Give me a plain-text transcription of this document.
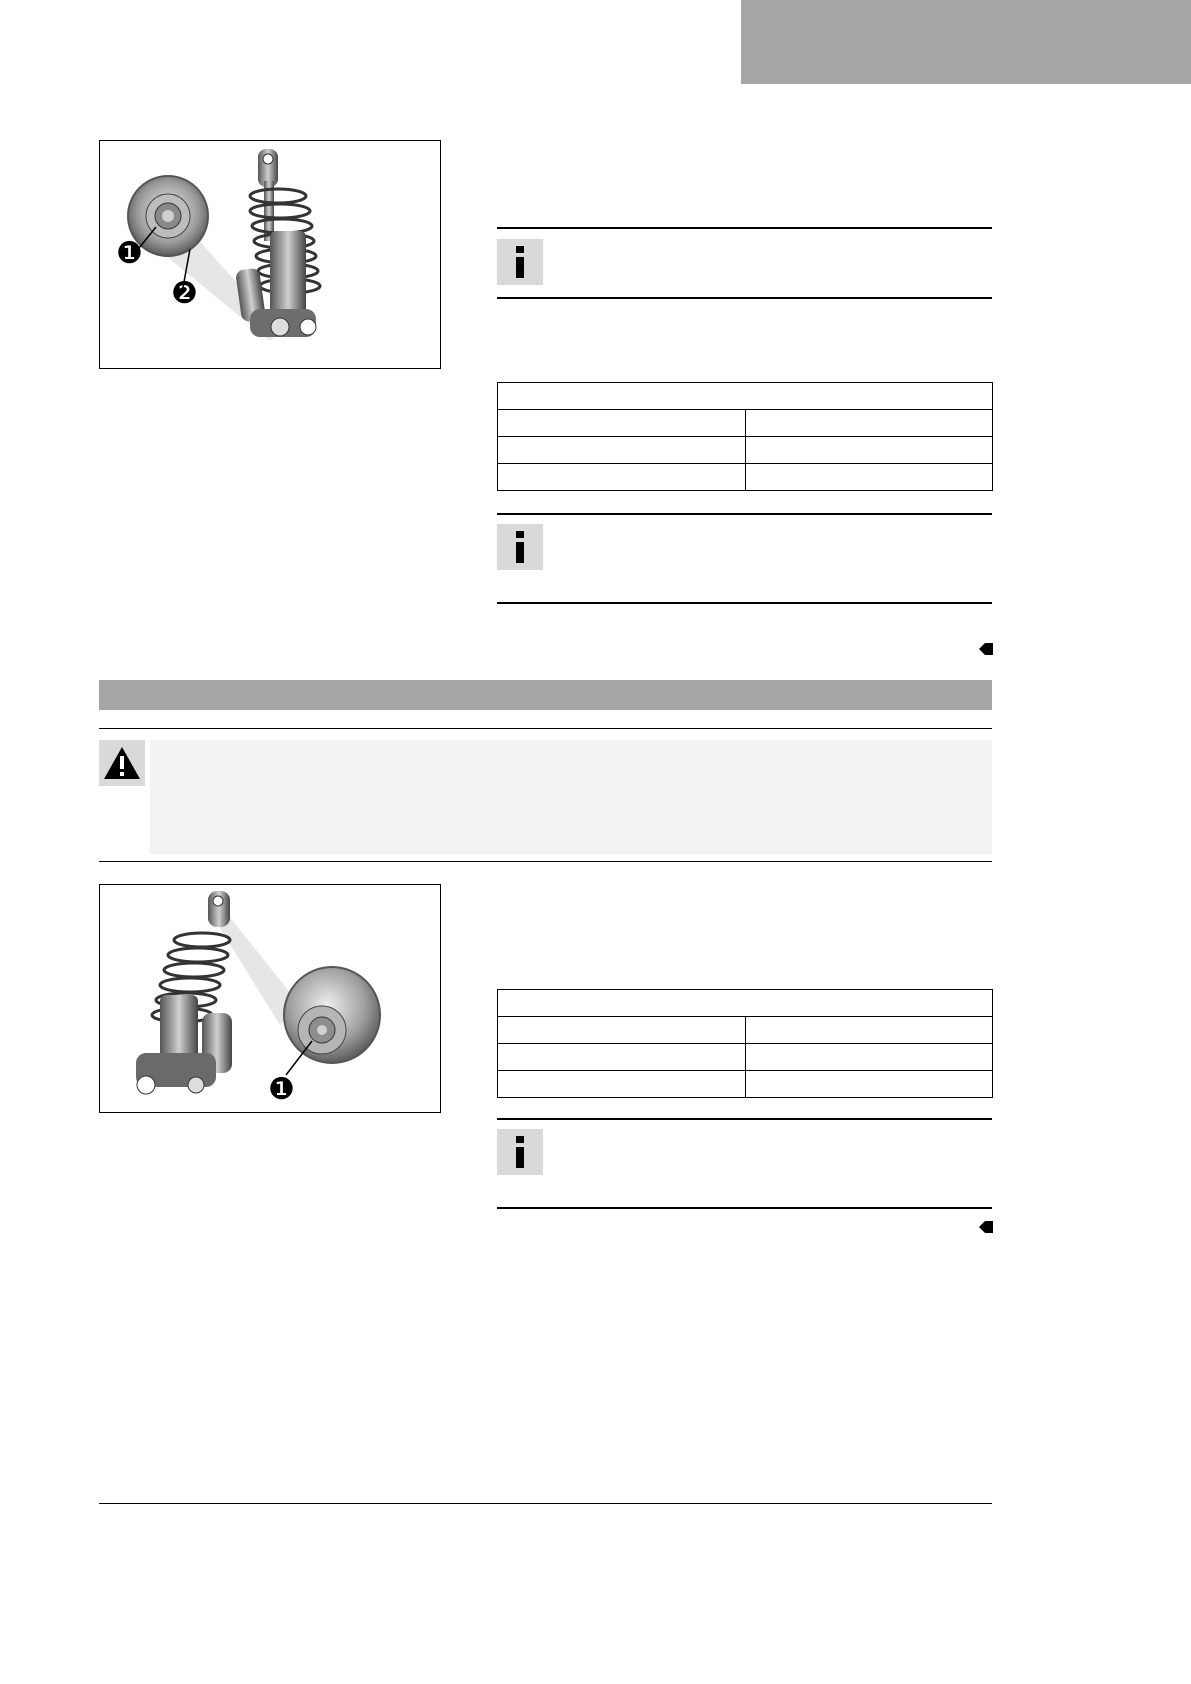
❶
❷

❶
